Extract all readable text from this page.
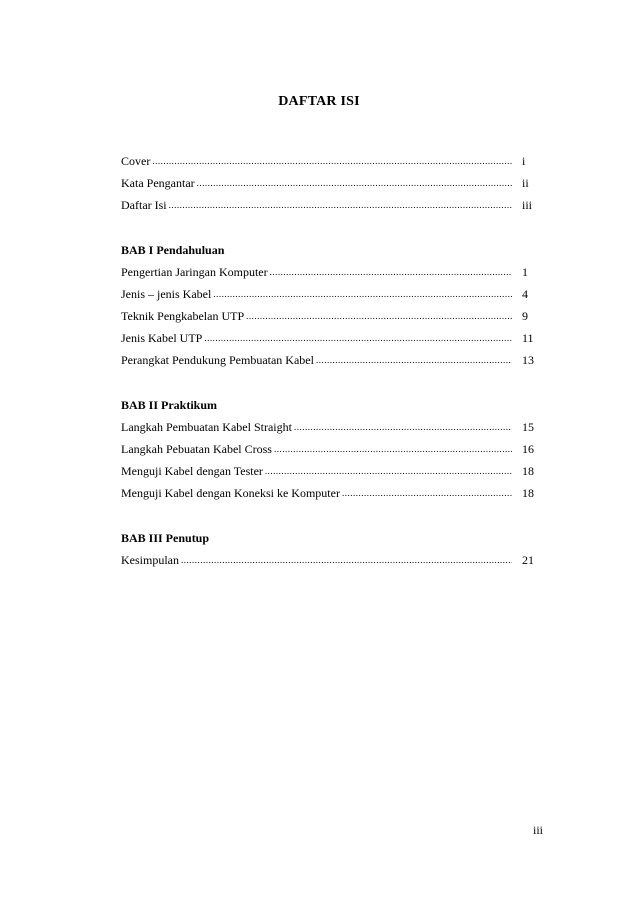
DAFTAR ISI
Cover .....	i
Kata Pengantar .....	ii
Daftar Isi .....	iii
BAB I Pendahuluan
Pengertian Jaringan Komputer .....	1
Jenis – jenis Kabel .....	4
Teknik Pengkabelan UTP .....	9
Jenis Kabel UTP .....	11
Perangkat Pendukung Pembuatan Kabel .....	13
BAB II Praktikum
Langkah Pembuatan Kabel Straight .....	15
Langkah Pebuatan Kabel Cross .....	16
Menguji Kabel dengan Tester .....	18
Menguji Kabel dengan Koneksi ke Komputer .....	18
BAB III Penutup
Kesimpulan .....	21
iii
